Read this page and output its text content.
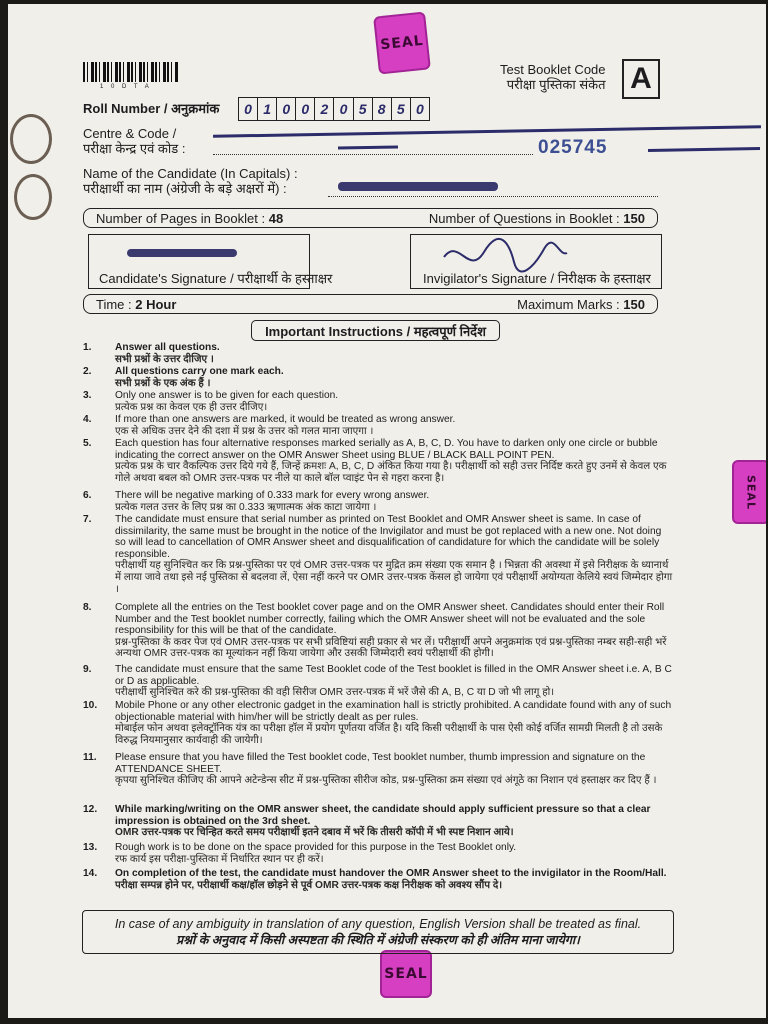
1 0 D T A
SEAL
SEAL
SEAL
Test Booklet Code
परीक्षा पुस्तिका संकेत A
Roll Number / अनुक्रमांक	0 1 0 0 2 0 5 8 5 0
Centre & Code /
परीक्षा केन्द्र एवं कोड :	025745
Name of the Candidate (In Capitals) :
परीक्षार्थी का नाम (अंग्रेजी के बड़े अक्षरों में) :
Number of Pages in Booklet : 48	Number of Questions in Booklet : 150
Candidate's Signature / परीक्षार्थी के हस्ताक्षर	Invigilator's Signature / निरीक्षक के हस्ताक्षर
Time : 2 Hour	Maximum Marks : 150
Important Instructions / महत्वपूर्ण निर्देश
1. Answer all questions.
सभी प्रश्नों के उत्तर दीजिए ।
2. All questions carry one mark each.
सभी प्रश्नों के एक अंक हैं ।
3. Only one answer is to be given for each question.
प्रत्येक प्रश्न का केवल एक ही उत्तर दीजिए।
4. If more than one answers are marked, it would be treated as wrong answer.
एक से अधिक उत्तर देने की दशा में प्रश्न के उत्तर को गलत माना जाएगा ।
5. Each question has four alternative responses marked serially as A, B, C, D. You have to darken only one circle or bubble indicating the correct answer on the OMR Answer Sheet using BLUE / BLACK BALL POINT PEN.
प्रत्येक प्रश्न के चार वैकल्पिक उत्तर दिये गये हैं, जिन्हें क्रमशः A, B, C, D अंकित किया गया है। परीक्षार्थी को सही उत्तर निर्दिष्ट करते हुए उनमें से केवल एक गोले अथवा बबल को OMR उत्तर-पत्रक पर नीले या काले बॉल प्वाइंट पेन से गहरा करना है।
6. There will be negative marking of 0.333 mark for every wrong answer.
प्रत्येक गलत उत्तर के लिए प्रश्न का 0.333 ऋणात्मक अंक काटा जायेगा ।
7. The candidate must ensure that serial number as printed on Test Booklet and OMR Answer sheet is same. In case of dissimilarity, the same must be brought in the notice of the Invigilator and must be got replaced with a new one. Not doing so will lead to cancellation of OMR Answer sheet and disqualification of candidature for which the candidate will be solely responsible.
परीक्षार्थी यह सुनिश्चित कर कि प्रश्न-पुस्तिका पर एवं OMR उत्तर-पत्रक पर मुद्रित क्रम संख्या एक समान है । भिन्नता की अवस्था में इसे निरीक्षक के ध्यानार्थ में लाया जावे तथा इसे नई पुस्तिका से बदलवा लें, ऐसा नहीं करने पर OMR उत्तर-पत्रक केंसल हो जायेगा एवं परीक्षार्थी अयोग्यता केलिये स्वयं जिम्मेदार होगा ।
8. Complete all the entries on the Test booklet cover page and on the OMR Answer sheet. Candidates should enter their Roll Number and the Test booklet number correctly, failing which the OMR Answer sheet will not be evaluated and the sole responsibility for this will be that of the candidate.
प्रश्न-पुस्तिका के कवर पेज एवं OMR उत्तर-पत्रक पर सभी प्रविष्टियां सही प्रकार से भर लें। परीक्षार्थी अपने अनुक्रमांक एवं प्रश्न-पुस्तिका नम्बर सही-सही भरें अन्यथा OMR उत्तर-पत्रक का मूल्यांकन नहीं किया जायेगा और उसकी जिम्मेदारी स्वयं परीक्षार्थी की होगी।
9. The candidate must ensure that the same Test Booklet code of the Test booklet is filled in the OMR Answer sheet i.e. A, B C or D as applicable.
परीक्षार्थी सुनिश्चित करे की प्रश्न-पुस्तिका की वही सिरीज OMR उत्तर-पत्रक में भरें जैसे की A, B, C या D जो भी लागू हो।
10. Mobile Phone or any other electronic gadget in the examination hall is strictly prohibited. A candidate found with any of such objectionable material with him/her will be strictly dealt as per rules.
मोबाईल फोन अथवा इलेक्ट्रॉनिक यंत्र का परीक्षा हॉल में प्रयोग पूर्णतया वर्जित है। यदि किसी परीक्षार्थी के पास ऐसी कोई वर्जित सामग्री मिलती है तो उसके विरुद्ध नियमानुसार कार्यवाही की जायेगी।
11. Please ensure that you have filled the Test booklet code, Test booklet number, thumb impression and signature on the ATTENDANCE SHEET.
कृपया सुनिश्चित कीजिए की आपने अटेन्डेन्स सीट में प्रश्न-पुस्तिका सीरीज कोड, प्रश्न-पुस्तिका क्रम संख्या एवं अंगूठे का निशान एवं हस्ताक्षर कर दिए हैं ।
12. While marking/writing on the OMR answer sheet, the candidate should apply sufficient pressure so that a clear impression is obtained on the 3rd sheet.
OMR उत्तर-पत्रक पर चिन्हित करते समय परीक्षार्थी इतने दबाव में भरें कि तीसरी कॉपी में भी स्पष्ट निशान आये।
13. Rough work is to be done on the space provided for this purpose in the Test Booklet only.
रफ कार्य इस परीक्षा-पुस्तिका में निर्धारित स्थान पर ही करें।
14. On completion of the test, the candidate must handover the OMR Answer sheet to the invigilator in the Room/Hall.
परीक्षा सम्पन्न होने पर, परीक्षार्थी कक्ष/हॉल छोड़ने से पूर्व OMR उत्तर-पत्रक कक्ष निरीक्षक को अवश्य सौंप दे।
In case of any ambiguity in translation of any question, English Version shall be treated as final.
प्रश्नों के अनुवाद में किसी अस्पष्टता की स्थिति में अंग्रेजी संस्करण को ही अंतिम माना जायेगा।
